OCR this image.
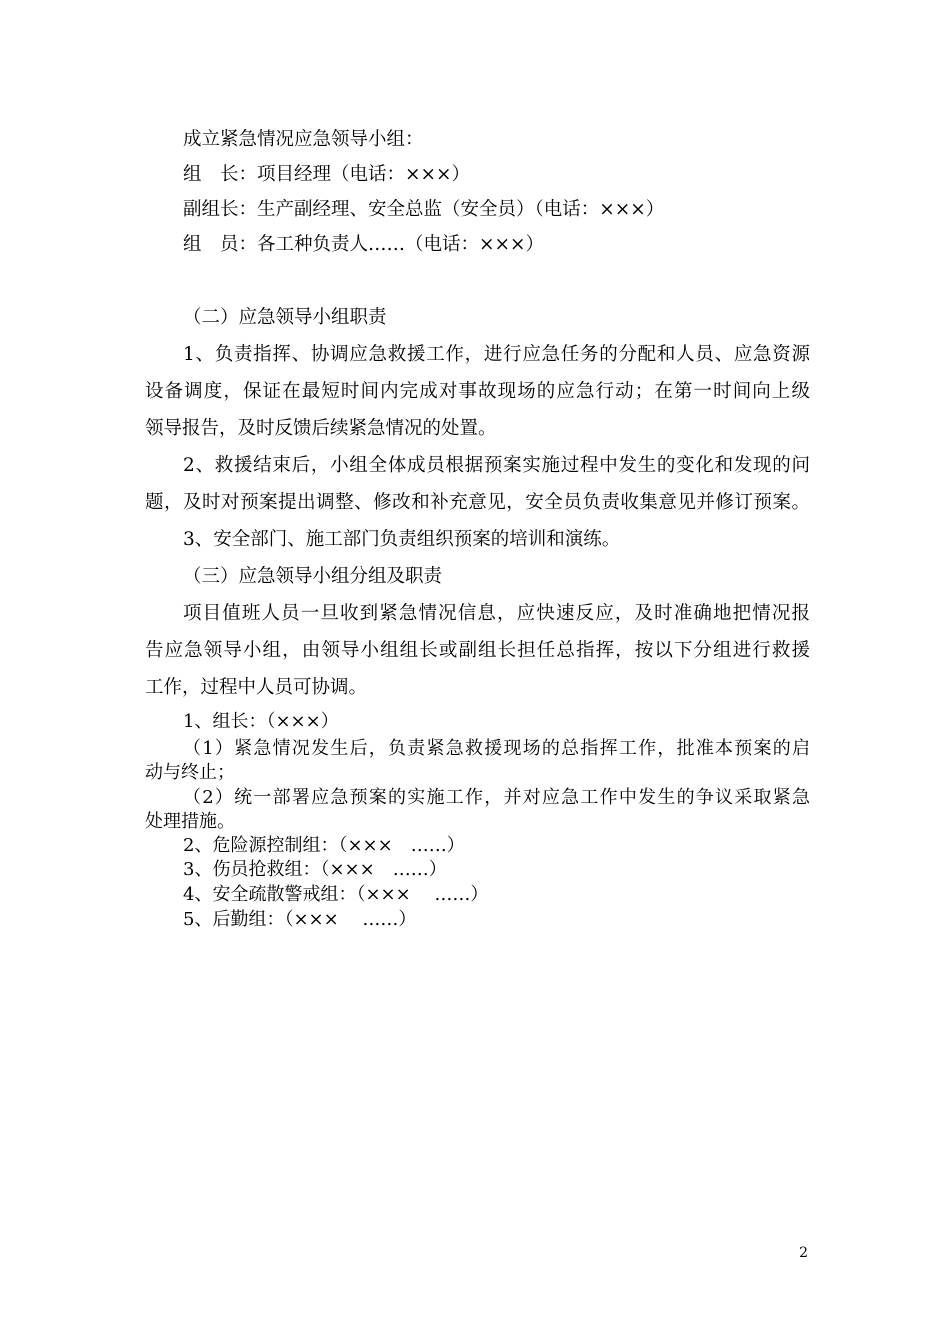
成立紧急情况应急领导小组：
组　长：项目经理（电话：×××）
副组长：生产副经理、安全总监（安全员）（电话：×××）
组　员：各工种负责人……（电话：×××）
（二）应急领导小组职责
1、负责指挥、协调应急救援工作，进行应急任务的分配和人员、应急资源
设备调度，保证在最短时间内完成对事故现场的应急行动；在第一时间向上级
领导报告，及时反馈后续紧急情况的处置。
2、救援结束后，小组全体成员根据预案实施过程中发生的变化和发现的问
题，及时对预案提出调整、修改和补充意见，安全员负责收集意见并修订预案。
3、安全部门、施工部门负责组织预案的培训和演练。
（三）应急领导小组分组及职责
项目值班人员一旦收到紧急情况信息，应快速反应，及时准确地把情况报
告应急领导小组，由领导小组组长或副组长担任总指挥，按以下分组进行救援
工作，过程中人员可协调。
1、组长：（×××）
（1）紧急情况发生后，负责紧急救援现场的总指挥工作，批准本预案的启
动与终止；
（2）统一部署应急预案的实施工作，并对应急工作中发生的争议采取紧急
处理措施。
2、危险源控制组：（×××　……）
3、伤员抢救组：（×××　……）
4、安全疏散警戒组：（×××　 ……）
5、后勤组：（×××　 ……）
2
